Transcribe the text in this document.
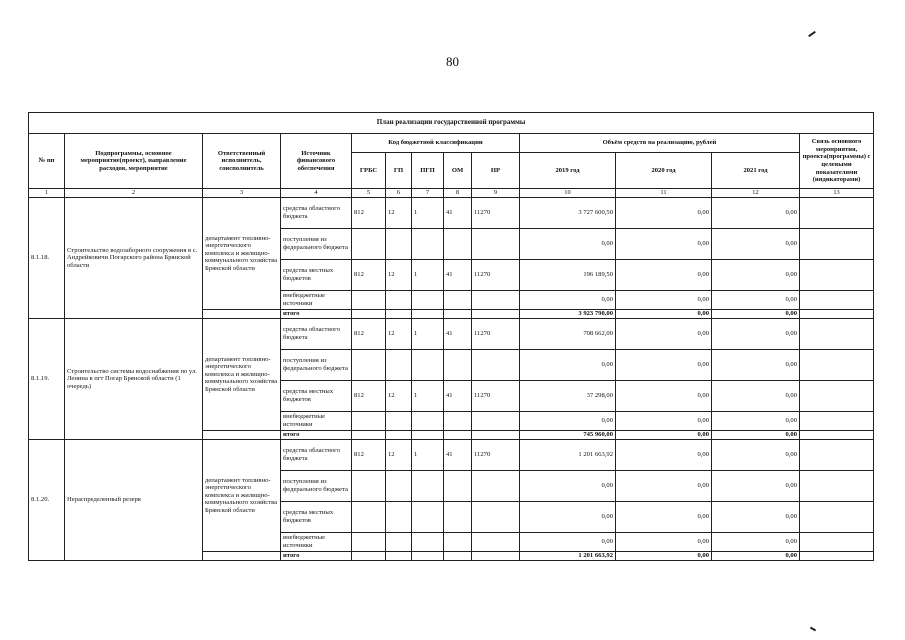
80
План реализации государственной программы												
№ пп	Подпрограммы, основное мероприятие(проект), направление расходов, мероприятие	Ответственный исполнитель, соисполнитель	Источник финансового обеспечения	Код бюджетной классификации					Объём средств на реализацию, рублей			Связь основного мероприятия, проекта(программы) с целевыми показателями (индикаторами)
				ГРБС	ГП	ПГП	ОМ	НР	2019 год	2020 год	2021 год	
1	2	3	4	5	6	7	8	9	10	11	12	13
8.1.18.	Строительство водозаборного сооружения в с. Андрейковичи Погарского района Брянской области	департамент топливно-энергетического комплекса и жилищно-коммунального хозяйства Брянской области	средства областного бюджета	812	12	1	41	11270	3 727 600,50	0,00	0,00	
			поступления из федерального бюджета						0,00	0,00	0,00	
			средства местных бюджетов	812	12	1	41	11270	196 189,50	0,00	0,00	
			внебюджетные источники						0,00	0,00	0,00	
			итого						3 923 790,00	0,00	0,00	
8.1.19.	Строительство системы водоснабжения по ул. Ленина в пгт Погар Брянской области (1 очередь)	департамент топливно-энергетического комплекса и жилищно-коммунального хозяйства Брянской области	средства областного бюджета	812	12	1	41	11270	708 662,00	0,00	0,00	
			поступления из федерального бюджета						0,00	0,00	0,00	
			средства местных бюджетов	812	12	1	41	11270	37 298,00	0,00	0,00	
			внебюджетные источники						0,00	0,00	0,00	
			итого						745 960,00	0,00	0,00	
8.1.20.	Нераспределенный резерв	департамент топливно-энергетического комплекса и жилищно-коммунального хозяйства Брянской области	средства областного бюджета	812	12	1	41	11270	1 201 663,92	0,00	0,00	
			поступления из федерального бюджета						0,00	0,00	0,00	
			средства местных бюджетов						0,00	0,00	0,00	
			внебюджетные источники						0,00	0,00	0,00	
			итого						1 201 663,92	0,00	0,00	
